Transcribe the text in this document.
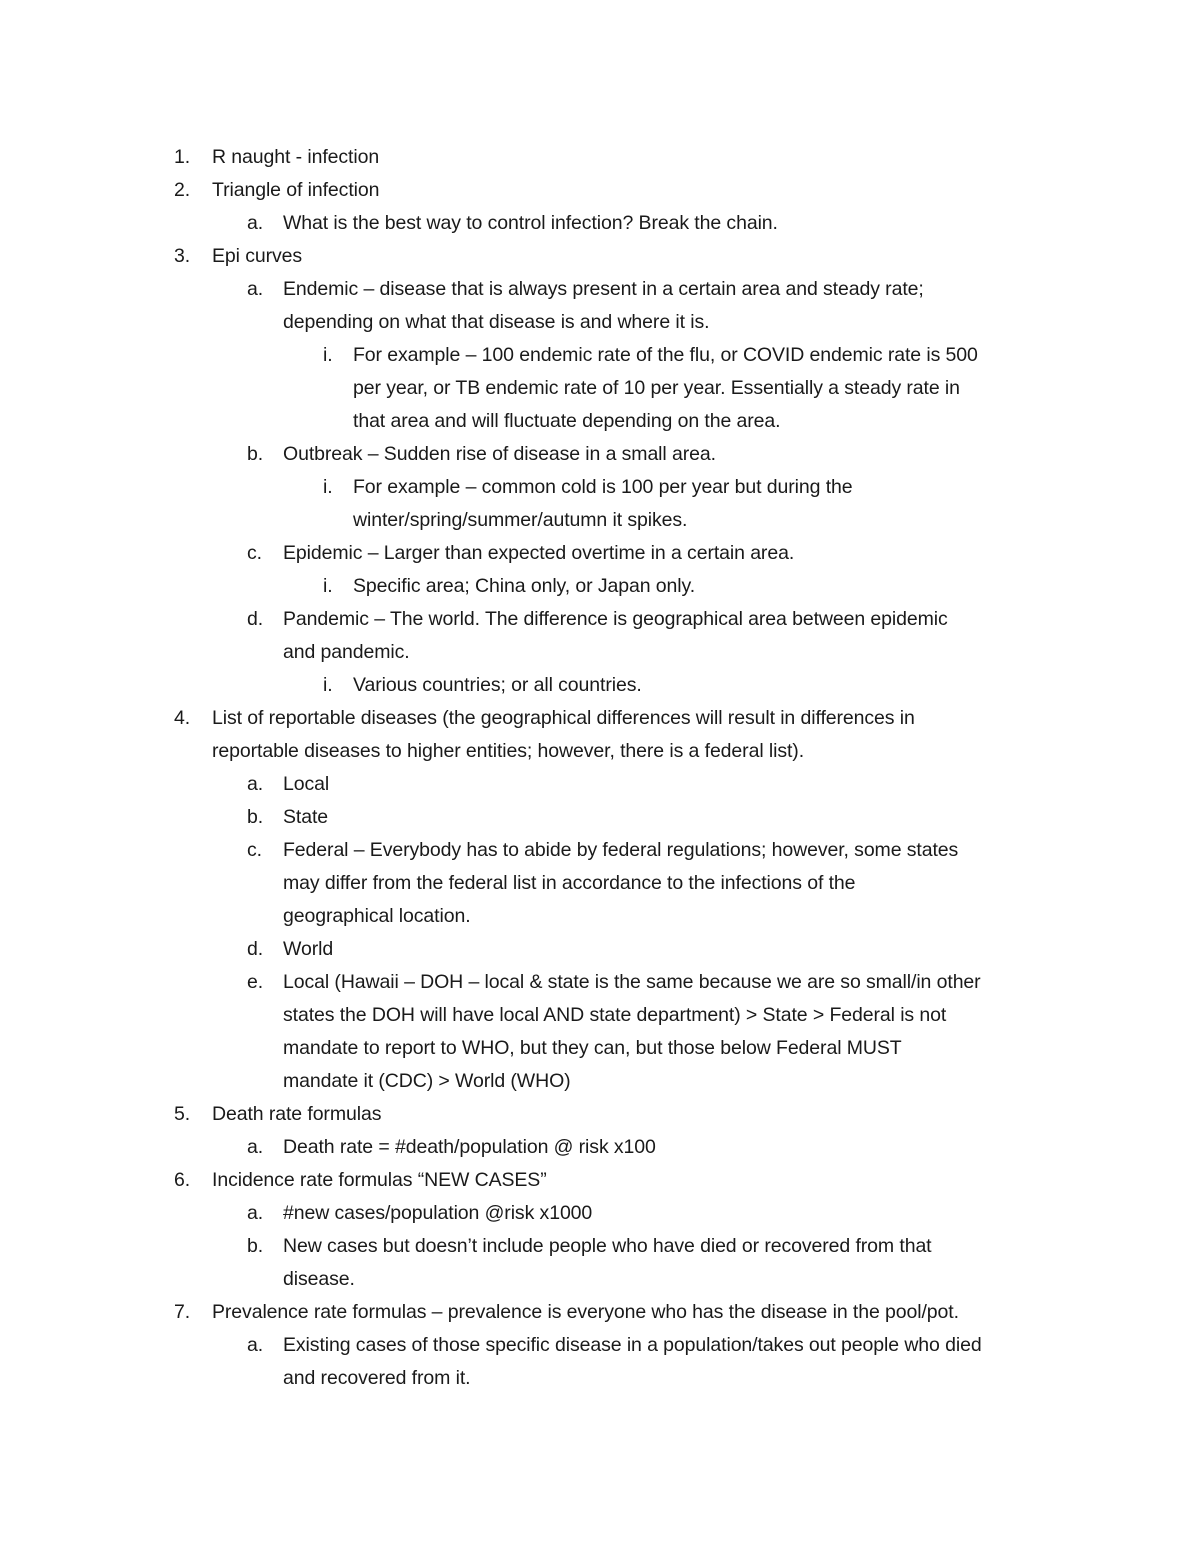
1. R naught - infection
2. Triangle of infection
a. What is the best way to control infection? Break the chain.
3. Epi curves
a. Endemic – disease that is always present in a certain area and steady rate;
depending on what that disease is and where it is.
i. For example – 100 endemic rate of the flu, or COVID endemic rate is 500
per year, or TB endemic rate of 10 per year. Essentially a steady rate in
that area and will fluctuate depending on the area.
b. Outbreak – Sudden rise of disease in a small area.
i. For example – common cold is 100 per year but during the
winter/spring/summer/autumn it spikes.
c. Epidemic – Larger than expected overtime in a certain area.
i. Specific area; China only, or Japan only.
d. Pandemic – The world. The difference is geographical area between epidemic
and pandemic.
i. Various countries; or all countries.
4. List of reportable diseases (the geographical differences will result in differences in
reportable diseases to higher entities; however, there is a federal list).
a. Local
b. State
c. Federal – Everybody has to abide by federal regulations; however, some states
may differ from the federal list in accordance to the infections of the
geographical location.
d. World
e. Local (Hawaii – DOH – local & state is the same because we are so small/in other
states the DOH will have local AND state department) > State > Federal is not
mandate to report to WHO, but they can, but those below Federal MUST
mandate it (CDC) > World (WHO)
5. Death rate formulas
a. Death rate = #death/population @ risk x100
6. Incidence rate formulas “NEW CASES”
a. #new cases/population @risk x1000
b. New cases but doesn’t include people who have died or recovered from that
disease.
7. Prevalence rate formulas – prevalence is everyone who has the disease in the pool/pot.
a. Existing cases of those specific disease in a population/takes out people who died
and recovered from it.
